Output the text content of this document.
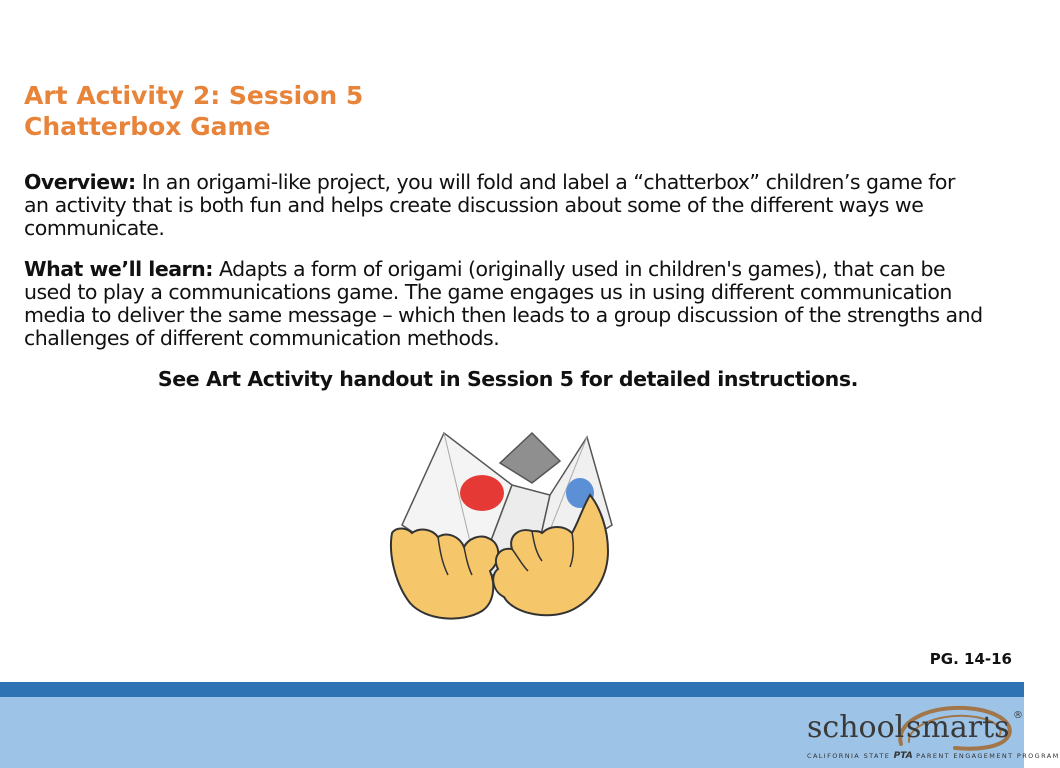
Art Activity 2: Session 5
Chatterbox Game

Overview: In an origami-like project, you will fold and label a “chatterbox” children’s game for an activity that is both fun and helps create discussion about some of the different ways we communicate.

What we’ll learn: Adapts a form of origami (originally used in children's games), that can be used to play a communications game. The game engages us in using different communication media to deliver the same message – which then leads to a group discussion of the strengths and challenges of different communication methods.

See Art Activity handout in Session 5 for detailed instructions.

PG. 14-16

school smarts ®

CALIFORNIA STATE PTA PARENT ENGAGEMENT PROGRAM
